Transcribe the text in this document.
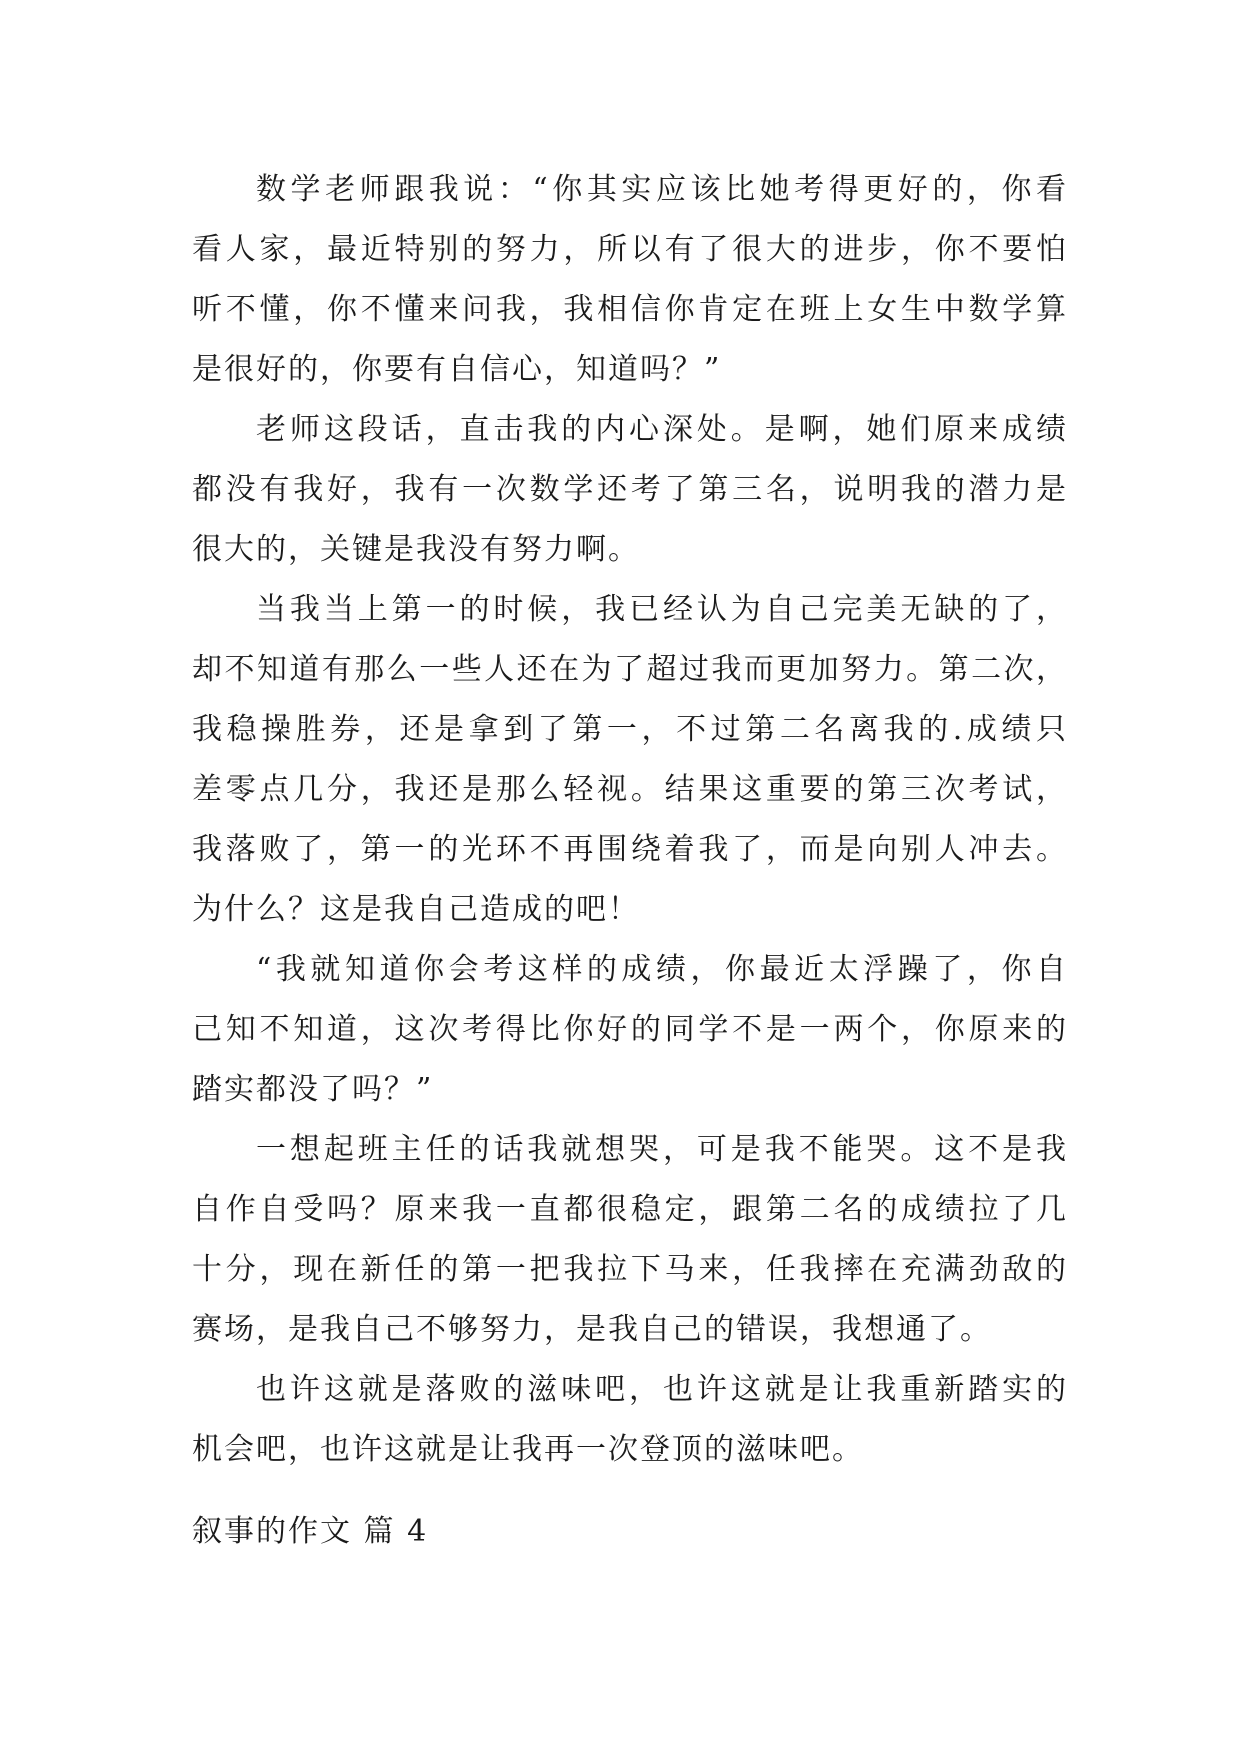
数学老师跟我说：“你其实应该比她考得更好的，你看
看人家，最近特别的努力，所以有了很大的进步，你不要怕
听不懂，你不懂来问我，我相信你肯定在班上女生中数学算
是很好的，你要有自信心，知道吗？”
老师这段话，直击我的内心深处。是啊，她们原来成绩
都没有我好，我有一次数学还考了第三名，说明我的潜力是
很大的，关键是我没有努力啊。
当我当上第一的时候，我已经认为自己完美无缺的了，
却不知道有那么一些人还在为了超过我而更加努力。第二次，
我稳操胜券，还是拿到了第一，不过第二名离我的.成绩只
差零点几分，我还是那么轻视。结果这重要的第三次考试，
我落败了，第一的光环不再围绕着我了，而是向别人冲去。
为什么？这是我自己造成的吧！
“我就知道你会考这样的成绩，你最近太浮躁了，你自
己知不知道，这次考得比你好的同学不是一两个，你原来的
踏实都没了吗？”
一想起班主任的话我就想哭，可是我不能哭。这不是我
自作自受吗？原来我一直都很稳定，跟第二名的成绩拉了几
十分，现在新任的第一把我拉下马来，任我摔在充满劲敌的
赛场，是我自己不够努力，是我自己的错误，我想通了。
也许这就是落败的滋味吧，也许这就是让我重新踏实的
机会吧，也许这就是让我再一次登顶的滋味吧。
叙事的作文 篇 4
